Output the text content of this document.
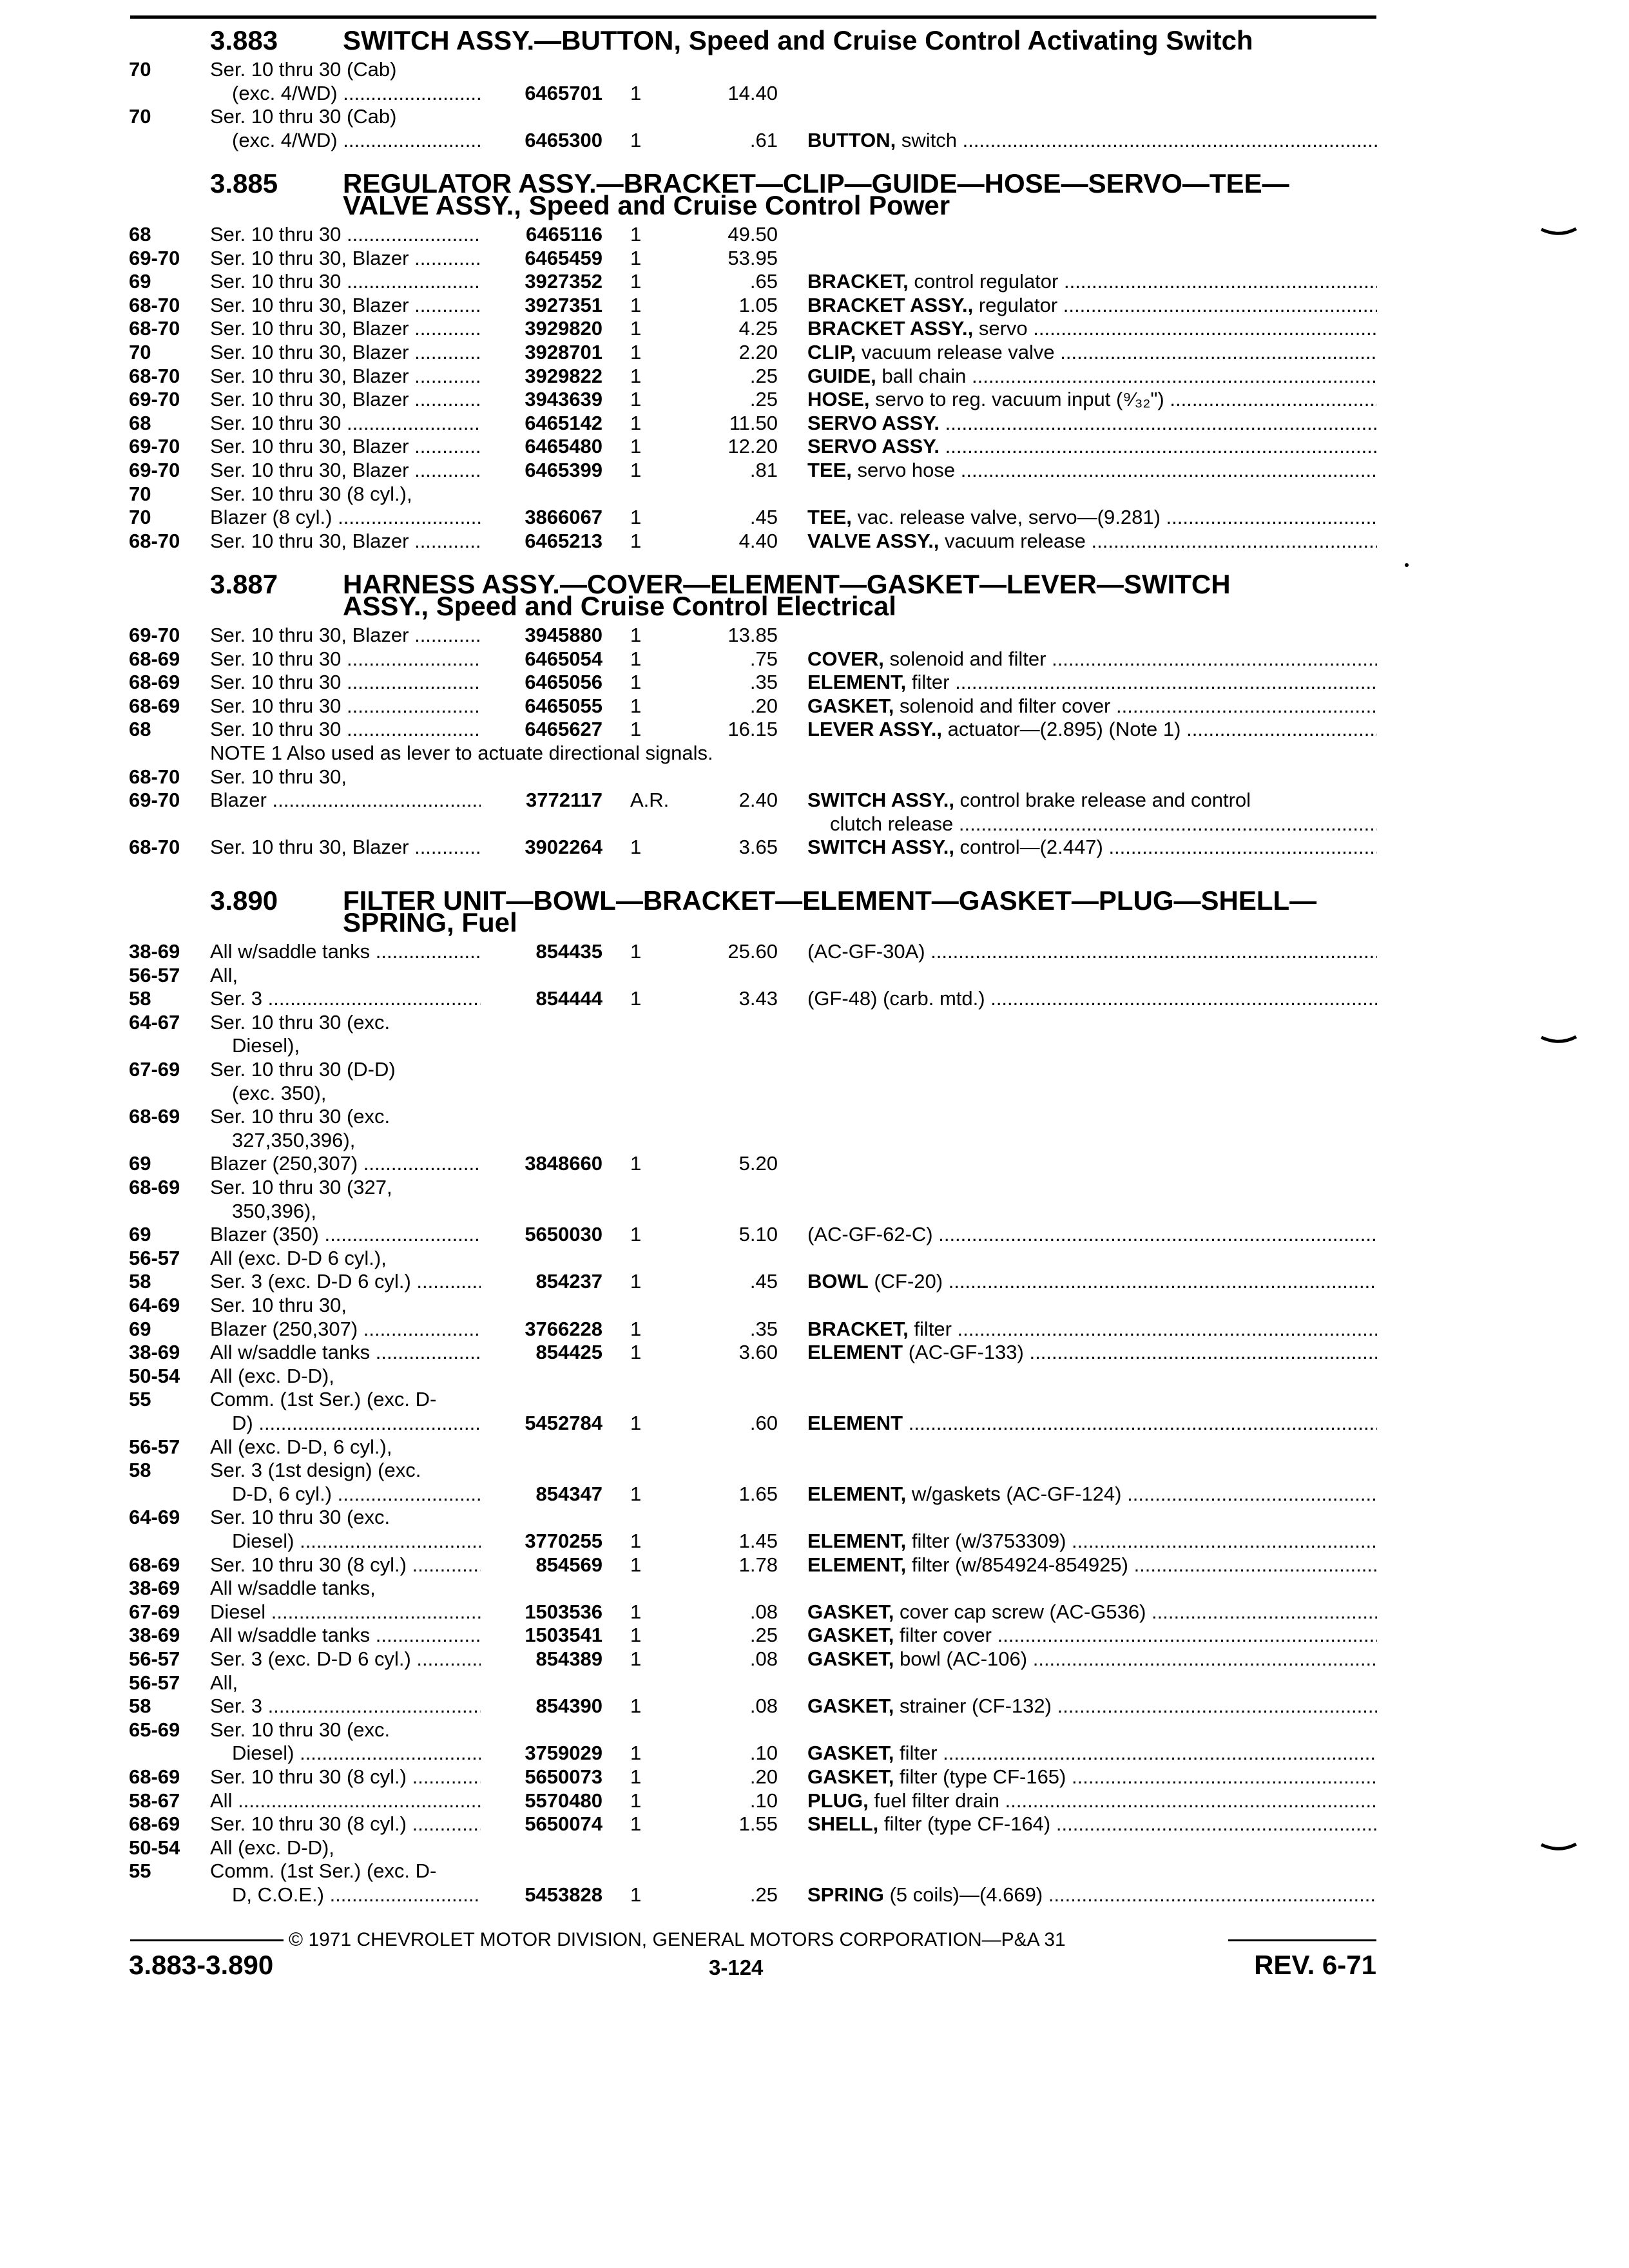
3.883 SWITCH ASSY.—BUTTON, Speed and Cruise Control Activating Switch
70	Ser. 10 thru 30 (Cab)
(exc. 4/WD) .....	6465701 1	14.40
70	Ser. 10 thru 30 (Cab)
(exc. 4/WD) .....	6465300 1	.61 BUTTON, switch .....
3.885 REGULATOR ASSY.—BRACKET—CLIP—GUIDE—HOSE—SERVO—TEE—
VALVE ASSY., Speed and Cruise Control Power
68	Ser. 10 thru 30 .....	6465116 1	49.50
69-70	Ser. 10 thru 30, Blazer .....	6465459 1	53.95
69	Ser. 10 thru 30 .....	3927352 1	.65 BRACKET, control regulator .....
68-70	Ser. 10 thru 30, Blazer .....	3927351 1	1.05 BRACKET ASSY., regulator .....
68-70	Ser. 10 thru 30, Blazer .....	3929820 1	4.25 BRACKET ASSY., servo .....
70	Ser. 10 thru 30, Blazer .....	3928701 1	2.20 CLIP, vacuum release valve .....
68-70	Ser. 10 thru 30, Blazer .....	3929822 1	.25 GUIDE, ball chain .....
69-70	Ser. 10 thru 30, Blazer .....	3943639 1	.25 HOSE, servo to reg. vacuum input (⁹⁄₃₂") .....
68	Ser. 10 thru 30 .....	6465142 1	11.50 SERVO ASSY. .....
69-70	Ser. 10 thru 30, Blazer .....	6465480 1	12.20 SERVO ASSY. .....
69-70	Ser. 10 thru 30, Blazer .....	6465399 1	.81 TEE, servo hose .....
70	Ser. 10 thru 30 (8 cyl.),
70	Blazer (8 cyl.) .....	3866067 1	.45 TEE, vac. release valve, servo—(9.281) .....
68-70	Ser. 10 thru 30, Blazer .....	6465213 1	4.40 VALVE ASSY., vacuum release .....
3.887 HARNESS ASSY.—COVER—ELEMENT—GASKET—LEVER—SWITCH
ASSY., Speed and Cruise Control Electrical
69-70	Ser. 10 thru 30, Blazer .....	3945880 1	13.85
68-69	Ser. 10 thru 30 .....	6465054 1	.75 COVER, solenoid and filter .....
68-69	Ser. 10 thru 30 .....	6465056 1	.35 ELEMENT, filter .....
68-69	Ser. 10 thru 30 .....	6465055 1	.20 GASKET, solenoid and filter cover .....
68	Ser. 10 thru 30 .....	6465627 1	16.15 LEVER ASSY., actuator—(2.895) (Note 1) .....
NOTE 1 Also used as lever to actuate directional signals.
68-70	Ser. 10 thru 30,
69-70	Blazer .....	3772117 A.R.	2.40 SWITCH ASSY., control brake release and control
clutch release .....
68-70	Ser. 10 thru 30, Blazer .....	3902264 1	3.65 SWITCH ASSY., control—(2.447) .....
3.890 FILTER UNIT—BOWL—BRACKET—ELEMENT—GASKET—PLUG—SHELL—
SPRING, Fuel
38-69	All w/saddle tanks .....	854435 1	25.60 (AC-GF-30A) .....
56-57	All,
58	Ser. 3 .....	854444 1	3.43 (GF-48) (carb. mtd.) .....
64-67	Ser. 10 thru 30 (exc.
Diesel),
67-69	Ser. 10 thru 30 (D-D)
(exc. 350),
68-69	Ser. 10 thru 30 (exc.
327,350,396),
69	Blazer (250,307) .....	3848660 1	5.20
68-69	Ser. 10 thru 30 (327,
350,396),
69	Blazer (350) .....	5650030 1	5.10 (AC-GF-62-C) .....
56-57	All (exc. D-D 6 cyl.),
58	Ser. 3 (exc. D-D 6 cyl.) .....	854237 1	.45 BOWL (CF-20) .....
64-69	Ser. 10 thru 30,
69	Blazer (250,307) .....	3766228 1	.35 BRACKET, filter .....
38-69	All w/saddle tanks .....	854425 1	3.60 ELEMENT (AC-GF-133) .....
50-54	All (exc. D-D),
55	Comm. (1st Ser.) (exc. D-
D) .....	5452784 1	.60 ELEMENT .....
56-57	All (exc. D-D, 6 cyl.),
58	Ser. 3 (1st design) (exc.
D-D, 6 cyl.) .....	854347 1	1.65 ELEMENT, w/gaskets (AC-GF-124) .....
64-69	Ser. 10 thru 30 (exc.
Diesel) .....	3770255 1	1.45 ELEMENT, filter (w/3753309) .....
68-69	Ser. 10 thru 30 (8 cyl.) .....	854569 1	1.78 ELEMENT, filter (w/854924-854925) .....
38-69	All w/saddle tanks,
67-69	Diesel .....	1503536 1	.08 GASKET, cover cap screw (AC-G536) .....
38-69	All w/saddle tanks .....	1503541 1	.25 GASKET, filter cover .....
56-57	Ser. 3 (exc. D-D 6 cyl.) .....	854389 1	.08 GASKET, bowl (AC-106) .....
56-57	All,
58	Ser. 3 .....	854390 1	.08 GASKET, strainer (CF-132) .....
65-69	Ser. 10 thru 30 (exc.
Diesel) .....	3759029 1	.10 GASKET, filter .....
68-69	Ser. 10 thru 30 (8 cyl.) .....	5650073 1	.20 GASKET, filter (type CF-165) .....
58-67	All .....	5570480 1	.10 PLUG, fuel filter drain .....
68-69	Ser. 10 thru 30 (8 cyl.) .....	5650074 1	1.55 SHELL, filter (type CF-164) .....
50-54	All (exc. D-D),
55	Comm. (1st Ser.) (exc. D-
D, C.O.E.) .....	5453828 1	.25 SPRING (5 coils)—(4.669) .....
© 1971 CHEVROLET MOTOR DIVISION, GENERAL MOTORS CORPORATION—P&A 31
3.883-3.890	3-124	REV. 6-71
